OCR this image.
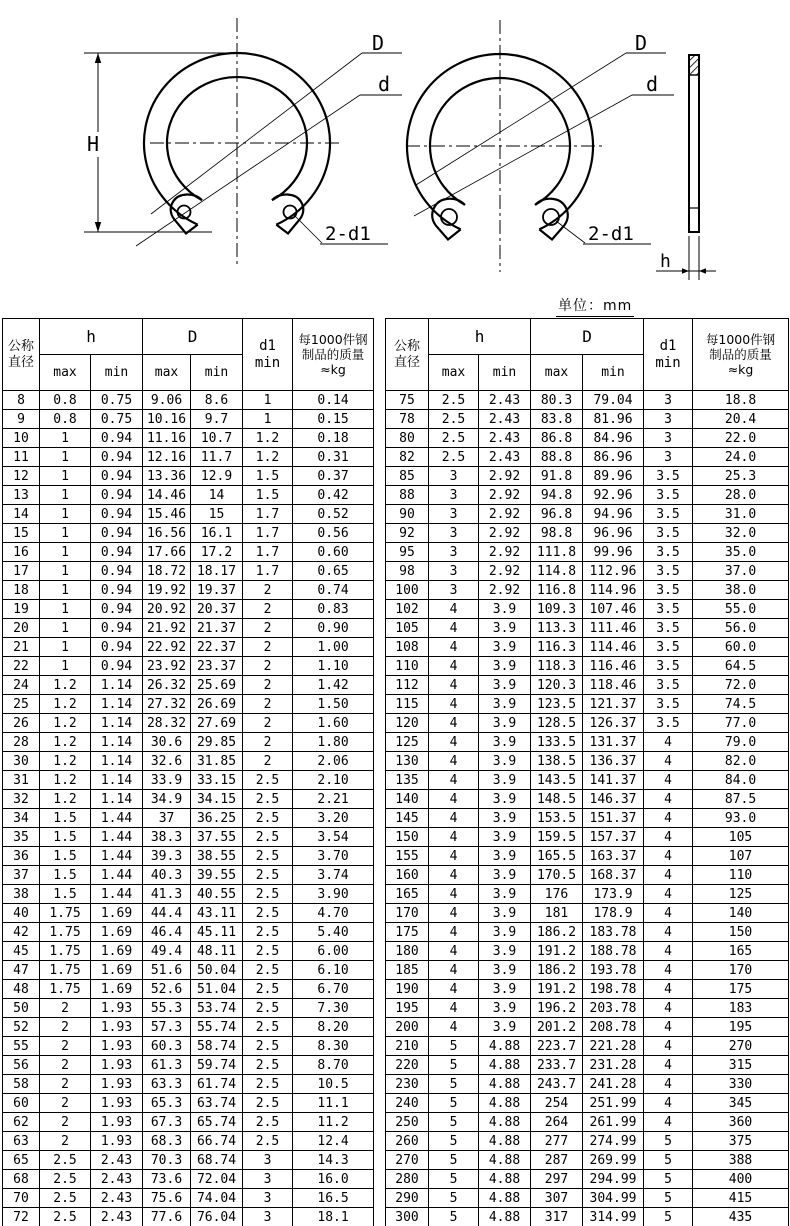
H
D
d
2-d1
D
d
2-d1
h
单位：mm
公称
直径
	h	D	d1
min

每1000件钢
制品的质量
≈kg

	max	min	max	min		
8	0.8	0.75	9.06	8.6	1	0.14
9	0.8	0.75	10.16	9.7	1	0.15
10	1	0.94	11.16	10.7	1.2	0.18
11	1	0.94	12.16	11.7	1.2	0.31
12	1	0.94	13.36	12.9	1.5	0.37
13	1	0.94	14.46	14	1.5	0.42
14	1	0.94	15.46	15	1.7	0.52
15	1	0.94	16.56	16.1	1.7	0.56
16	1	0.94	17.66	17.2	1.7	0.60
17	1	0.94	18.72	18.17	1.7	0.65
18	1	0.94	19.92	19.37	2	0.74
19	1	0.94	20.92	20.37	2	0.83
20	1	0.94	21.92	21.37	2	0.90
21	1	0.94	22.92	22.37	2	1.00
22	1	0.94	23.92	23.37	2	1.10
24	1.2	1.14	26.32	25.69	2	1.42
25	1.2	1.14	27.32	26.69	2	1.50
26	1.2	1.14	28.32	27.69	2	1.60
28	1.2	1.14	30.6	29.85	2	1.80
30	1.2	1.14	32.6	31.85	2	2.06
31	1.2	1.14	33.9	33.15	2.5	2.10
32	1.2	1.14	34.9	34.15	2.5	2.21
34	1.5	1.44	37	36.25	2.5	3.20
35	1.5	1.44	38.3	37.55	2.5	3.54
36	1.5	1.44	39.3	38.55	2.5	3.70
37	1.5	1.44	40.3	39.55	2.5	3.74
38	1.5	1.44	41.3	40.55	2.5	3.90
40	1.75	1.69	44.4	43.11	2.5	4.70
42	1.75	1.69	46.4	45.11	2.5	5.40
45	1.75	1.69	49.4	48.11	2.5	6.00
47	1.75	1.69	51.6	50.04	2.5	6.10
48	1.75	1.69	52.6	51.04	2.5	6.70
50	2	1.93	55.3	53.74	2.5	7.30
52	2	1.93	57.3	55.74	2.5	8.20
55	2	1.93	60.3	58.74	2.5	8.30
56	2	1.93	61.3	59.74	2.5	8.70
58	2	1.93	63.3	61.74	2.5	10.5
60	2	1.93	65.3	63.74	2.5	11.1
62	2	1.93	67.3	65.74	2.5	11.2
63	2	1.93	68.3	66.74	2.5	12.4
65	2.5	2.43	70.3	68.74	3	14.3
68	2.5	2.43	73.6	72.04	3	16.0
70	2.5	2.43	75.6	74.04	3	16.5
72	2.5	2.43	77.6	76.04	3	18.1
公称
直径
	h	D	d1
min

每1000件钢
制品的质量
≈kg

	max	min	max	min		
75	2.5	2.43	80.3	79.04	3	18.8
78	2.5	2.43	83.8	81.96	3	20.4
80	2.5	2.43	86.8	84.96	3	22.0
82	2.5	2.43	88.8	86.96	3	24.0
85	3	2.92	91.8	89.96	3.5	25.3
88	3	2.92	94.8	92.96	3.5	28.0
90	3	2.92	96.8	94.96	3.5	31.0
92	3	2.92	98.8	96.96	3.5	32.0
95	3	2.92	111.8	99.96	3.5	35.0
98	3	2.92	114.8	112.96	3.5	37.0
100	3	2.92	116.8	114.96	3.5	38.0
102	4	3.9	109.3	107.46	3.5	55.0
105	4	3.9	113.3	111.46	3.5	56.0
108	4	3.9	116.3	114.46	3.5	60.0
110	4	3.9	118.3	116.46	3.5	64.5
112	4	3.9	120.3	118.46	3.5	72.0
115	4	3.9	123.5	121.37	3.5	74.5
120	4	3.9	128.5	126.37	3.5	77.0
125	4	3.9	133.5	131.37	4	79.0
130	4	3.9	138.5	136.37	4	82.0
135	4	3.9	143.5	141.37	4	84.0
140	4	3.9	148.5	146.37	4	87.5
145	4	3.9	153.5	151.37	4	93.0
150	4	3.9	159.5	157.37	4	105
155	4	3.9	165.5	163.37	4	107
160	4	3.9	170.5	168.37	4	110
165	4	3.9	176	173.9	4	125
170	4	3.9	181	178.9	4	140
175	4	3.9	186.2	183.78	4	150
180	4	3.9	191.2	188.78	4	165
185	4	3.9	186.2	193.78	4	170
190	4	3.9	191.2	198.78	4	175
195	4	3.9	196.2	203.78	4	183
200	4	3.9	201.2	208.78	4	195
210	5	4.88	223.7	221.28	4	270
220	5	4.88	233.7	231.28	4	315
230	5	4.88	243.7	241.28	4	330
240	5	4.88	254	251.99	4	345
250	5	4.88	264	261.99	4	360
260	5	4.88	277	274.99	5	375
270	5	4.88	287	269.99	5	388
280	5	4.88	297	294.99	5	400
290	5	4.88	307	304.99	5	415
300	5	4.88	317	314.99	5	435
